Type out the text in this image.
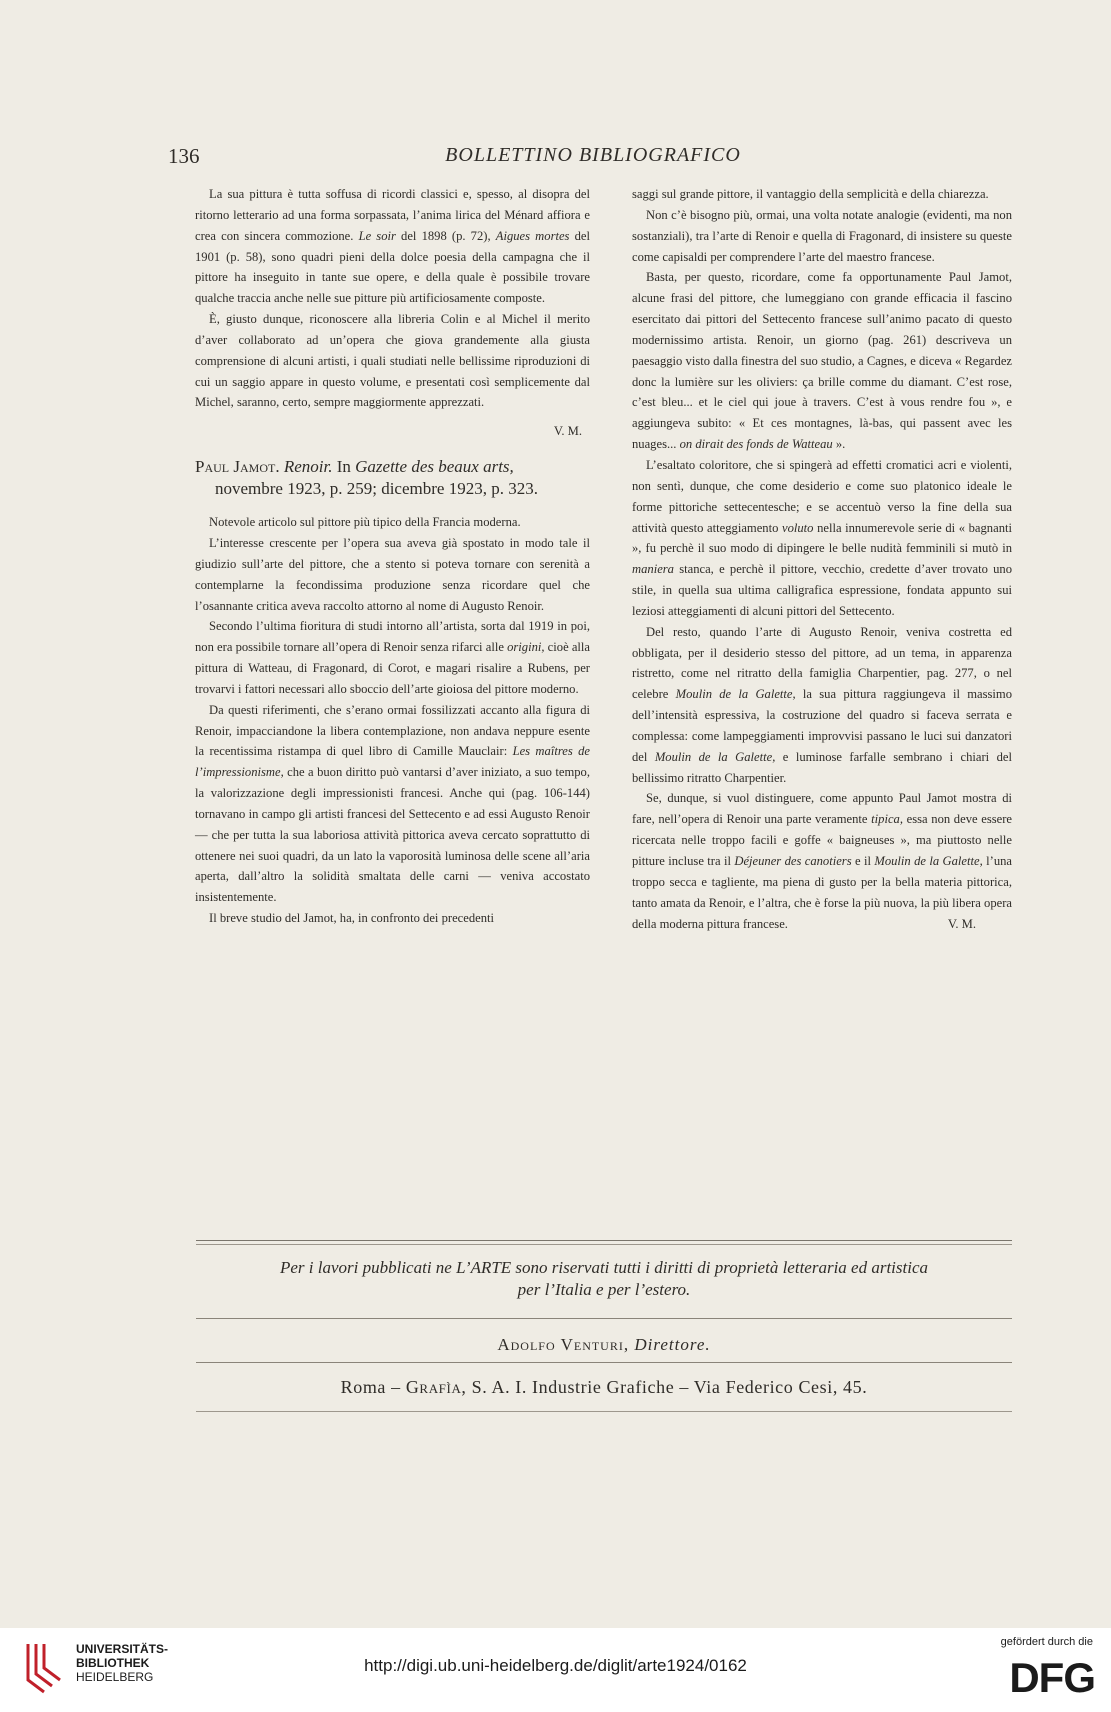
136	BOLLETTINO BIBLIOGRAFICO

La sua pittura è tutta soffusa di ricordi classici e, spesso, al disopra del ritorno letterario ad una forma sorpassata, l’anima lirica del Ménard affiora e crea con sincera commozione. Le soir del 1898 (p. 72), Aigues mortes del 1901 (p. 58), sono quadri pieni della dolce poesia della campagna che il pittore ha inseguito in tante sue opere, e della quale è possibile trovare qualche traccia anche nelle sue pitture più artificiosamente composte.

È, giusto dunque, riconoscere alla libreria Colin e al Michel il merito d’aver collaborato ad un’opera che giova grandemente alla giusta comprensione di alcuni artisti, i quali studiati nelle bellissime riproduzioni di cui un saggio appare in questo volume, e presentati così semplicemente dal Michel, saranno, certo, sempre maggiormente apprezzati.

V. M.
Paul Jamot. Renoir. In Gazette des beaux arts,
novembre 1923, p. 259; dicembre 1923, p. 323.

Notevole articolo sul pittore più tipico della Francia moderna.

L’interesse crescente per l’opera sua aveva già spostato in modo tale il giudizio sull’arte del pittore, che a stento si poteva tornare con serenità a contemplarne la fecondissima produzione senza ricordare quel che l’osannante critica aveva raccolto attorno al nome di Augusto Renoir.

Secondo l’ultima fioritura di studi intorno all’artista, sorta dal 1919 in poi, non era possibile tornare all’opera di Renoir senza rifarci alle origini, cioè alla pittura di Watteau, di Fragonard, di Corot, e magari risalire a Rubens, per trovarvi i fattori necessari allo sboccio dell’arte gioiosa del pittore moderno.

Da questi riferimenti, che s’erano ormai fossilizzati accanto alla figura di Renoir, impacciandone la libera contemplazione, non andava neppure esente la recentissima ristampa di quel libro di Camille Mauclair: Les maîtres de l’impressionisme, che a buon diritto può vantarsi d’aver iniziato, a suo tempo, la valorizzazione degli impressionisti francesi. Anche qui (pag. 106-144) tornavano in campo gli artisti francesi del Settecento e ad essi Augusto Renoir — che per tutta la sua laboriosa attività pittorica aveva cercato soprattutto di ottenere nei suoi quadri, da un lato la vaporosità luminosa delle scene all’aria aperta, dall’altro la solidità smaltata delle carni — veniva accostato insistentemente.

Il breve studio del Jamot, ha, in confronto dei precedenti

saggi sul grande pittore, il vantaggio della semplicità e della chiarezza.

Non c’è bisogno più, ormai, una volta notate analogie (evidenti, ma non sostanziali), tra l’arte di Renoir e quella di Fragonard, di insistere su queste come capisaldi per comprendere l’arte del maestro francese.

Basta, per questo, ricordare, come fa opportunamente Paul Jamot, alcune frasi del pittore, che lumeggiano con grande efficacia il fascino esercitato dai pittori del Settecento francese sull’animo pacato di questo modernissimo artista. Renoir, un giorno (pag. 261) descriveva un paesaggio visto dalla finestra del suo studio, a Cagnes, e diceva « Regardez donc la lumière sur les oliviers: ça brille comme du diamant. C’est rose, c’est bleu... et le ciel qui joue à travers. C’est à vous rendre fou », e aggiungeva subito: « Et ces montagnes, là-bas, qui passent avec les nuages... on dirait des fonds de Watteau ».

L’esaltato coloritore, che si spingerà ad effetti cromatici acri e violenti, non sentì, dunque, che come desiderio e come suo platonico ideale le forme pittoriche settecentesche; e se accentuò verso la fine della sua attività questo atteggiamento voluto nella innumerevole serie di « bagnanti », fu perchè il suo modo di dipingere le belle nudità femminili si mutò in maniera stanca, e perchè il pittore, vecchio, credette d’aver trovato uno stile, in quella sua ultima calligrafica espressione, fondata appunto sui leziosi atteggiamenti di alcuni pittori del Settecento.

Del resto, quando l’arte di Augusto Renoir, veniva costretta ed obbligata, per il desiderio stesso del pittore, ad un tema, in apparenza ristretto, come nel ritratto della famiglia Charpentier, pag. 277, o nel celebre Moulin de la Galette, la sua pittura raggiungeva il massimo dell’intensità espressiva, la costruzione del quadro si faceva serrata e complessa: come lampeggiamenti improvvisi passano le luci sui danzatori del Moulin de la Galette, e luminose farfalle sembrano i chiari del bellissimo ritratto Charpentier.

Se, dunque, si vuol distinguere, come appunto Paul Jamot mostra di fare, nell’opera di Renoir una parte veramente tipica, essa non deve essere ricercata nelle troppo facili e goffe « baigneuses », ma piuttosto nelle pitture incluse tra il Déjeuner des canotiers e il Moulin de la Galette, l’una troppo secca e tagliente, ma piena di gusto per la bella materia pittorica, tanto amata da Renoir, e l’altra, che è forse la più nuova, la più libera opera della moderna pittura francese.	V. M.

Per i lavori pubblicati ne L’ARTE sono riservati tutti i diritti di proprietà letteraria ed artistica
per l’Italia e per l’estero.
Adolfo Venturi, Direttore.
Roma – Grafìa, S. A. I. Industrie Grafiche – Via Federico Cesi, 45.
UNIVERSITÄTS-
BIBLIOTHEK
HEIDELBERG
http://digi.ub.uni-heidelberg.de/diglit/arte1924/0162
gefördert durch die
DFG
